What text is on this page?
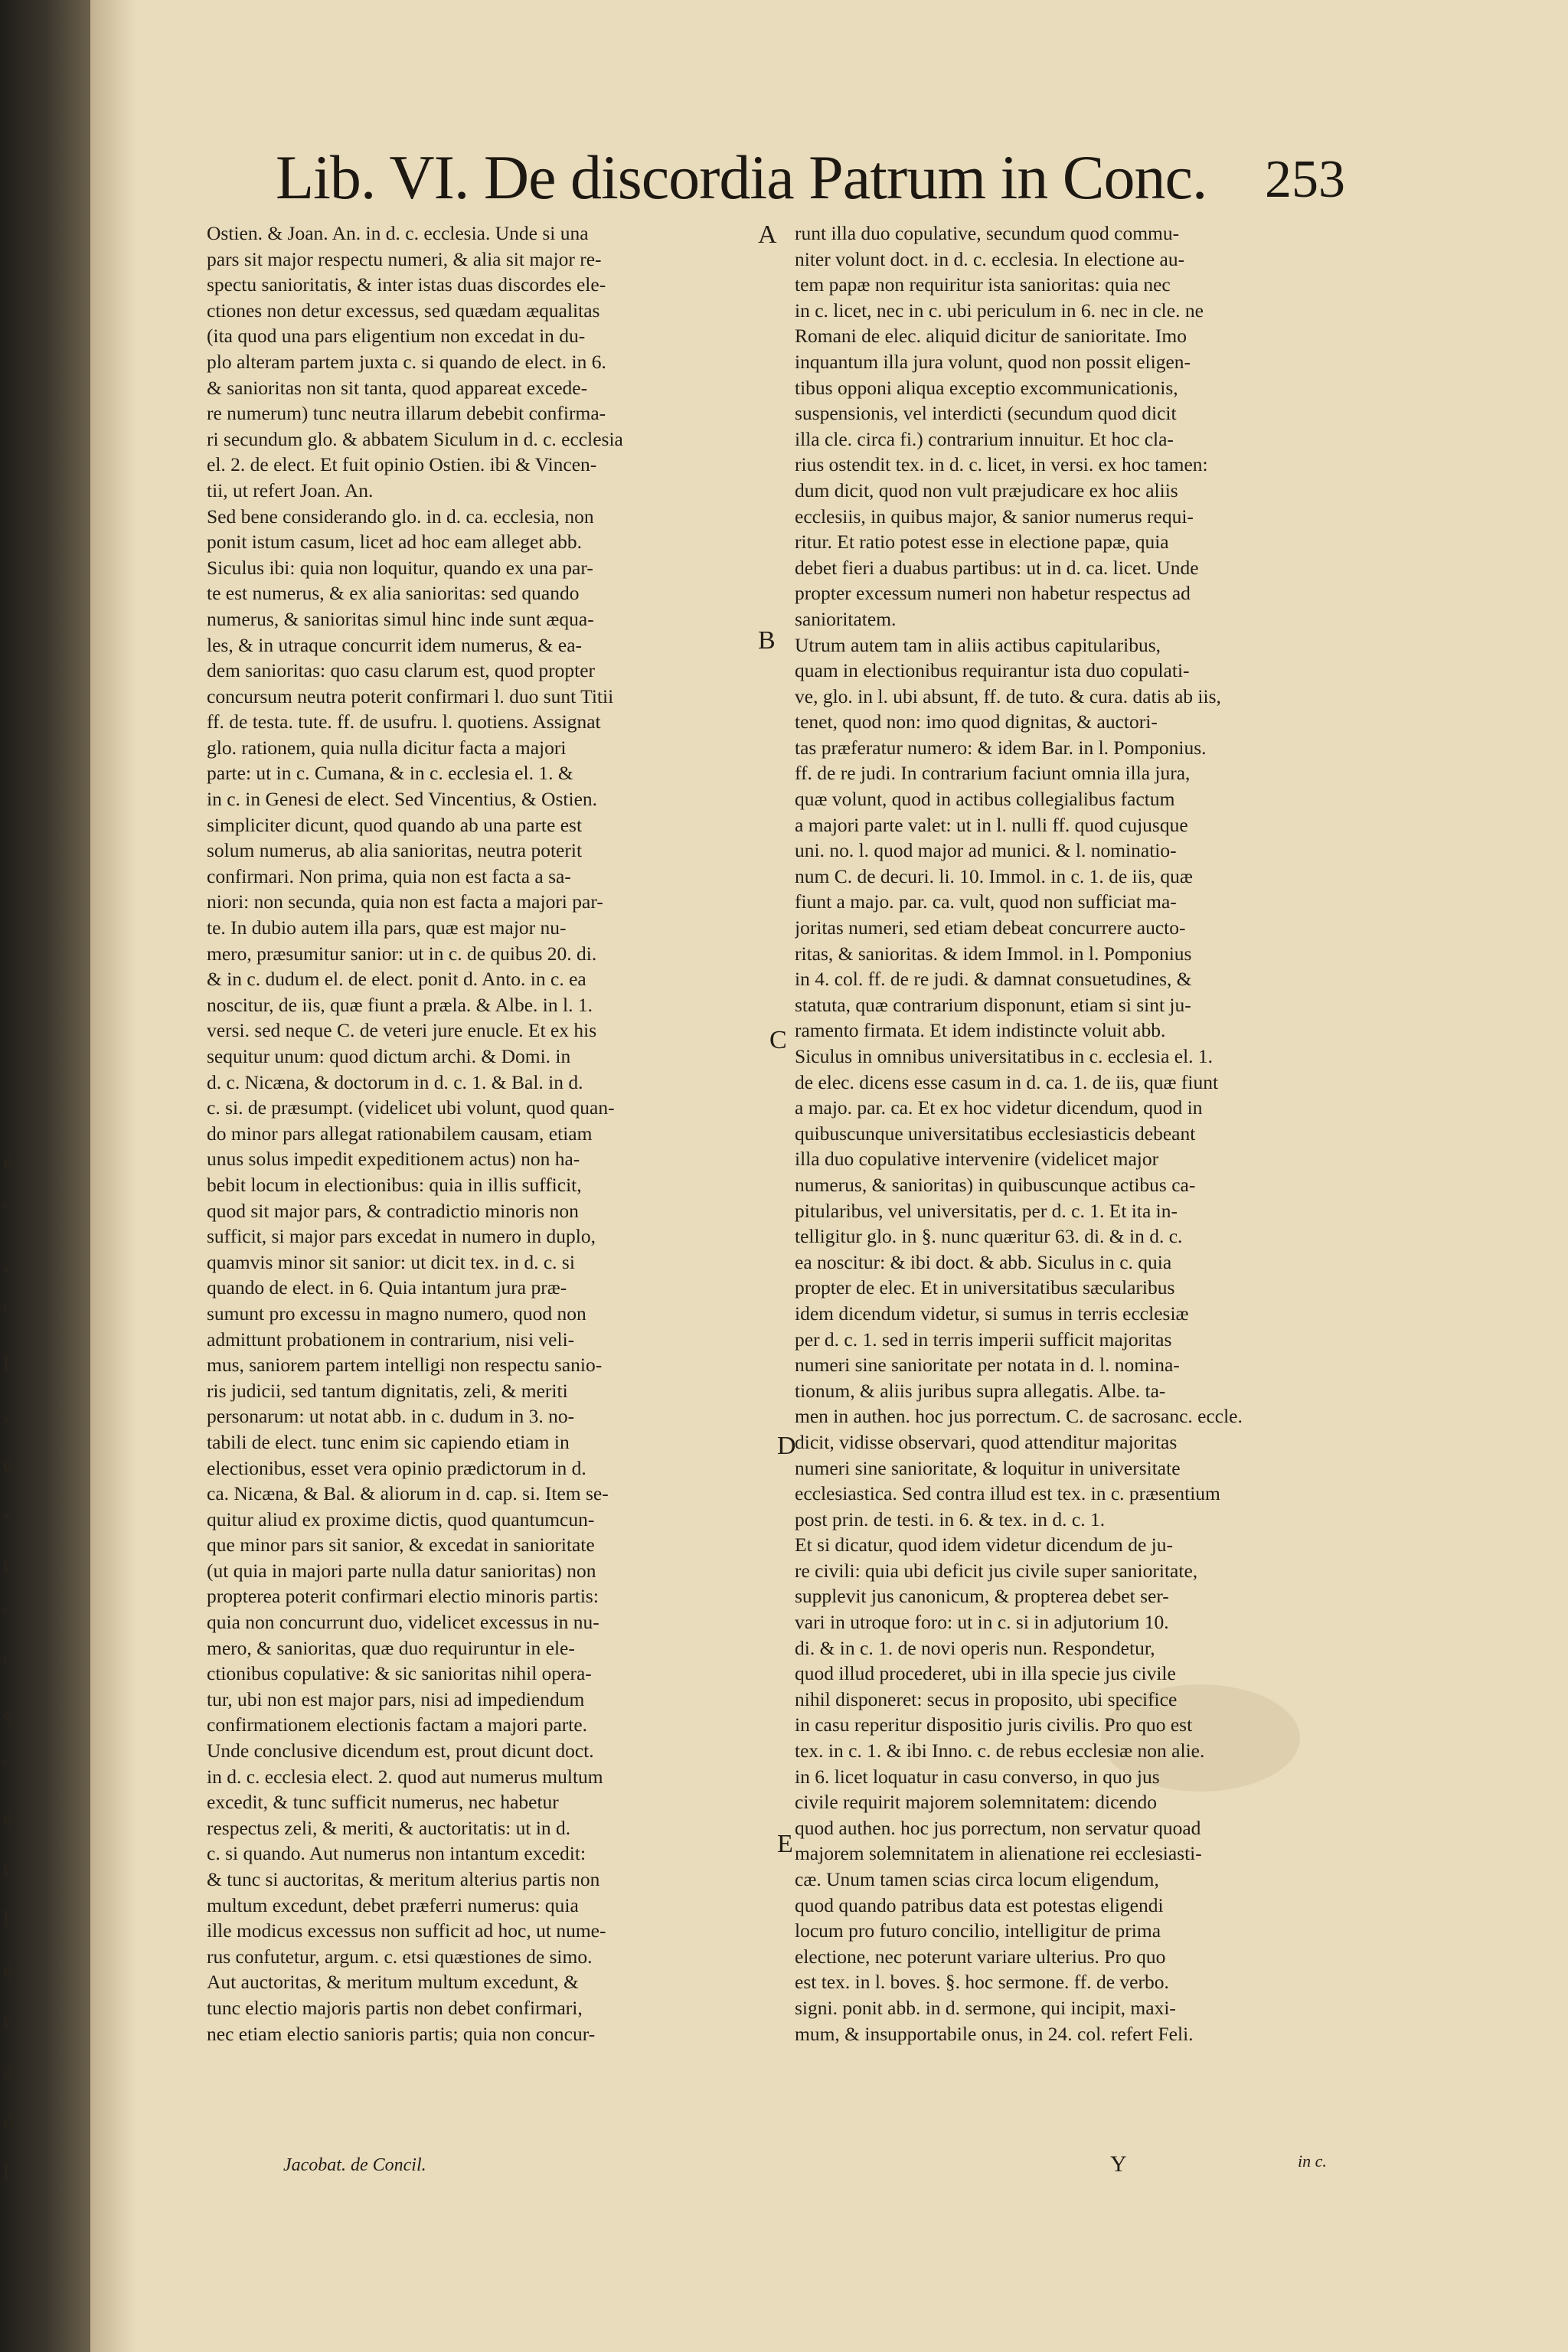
e
'
,
'
l
,
e
-
t
'
'
s
'
e
t
l
e
r
a
d
l.
Lib. VI. De discordia Patrum in Conc. 253
Ostien. & Joan. An. in d. c. ecclesia. Unde si una
pars sit major respectu numeri, & alia sit major re-
spectu sanioritatis, & inter istas duas discordes ele-
ctiones non detur excessus, sed quædam æqualitas
(ita quod una pars eligentium non excedat in du-
plo alteram partem juxta c. si quando de elect. in 6.
& sanioritas non sit tanta, quod appareat excede-
re numerum) tunc neutra illarum debebit confirma-
ri secundum glo. & abbatem Siculum in d. c. ecclesia
el. 2. de elect. Et fuit opinio Ostien. ibi & Vincen-
tii, ut refert Joan. An.
Sed bene considerando glo. in d. ca. ecclesia, non
ponit istum casum, licet ad hoc eam alleget abb.
Siculus ibi: quia non loquitur, quando ex una par-
te est numerus, & ex alia sanioritas: sed quando
numerus, & sanioritas simul hinc inde sunt æqua-
les, & in utraque concurrit idem numerus, & ea-
dem sanioritas: quo casu clarum est, quod propter
concursum neutra poterit confirmari l. duo sunt Titii
ff. de testa. tute. ff. de usufru. l. quotiens. Assignat
glo. rationem, quia nulla dicitur facta a majori
parte: ut in c. Cumana, & in c. ecclesia el. 1. &
in c. in Genesi de elect. Sed Vincentius, & Ostien.
simpliciter dicunt, quod quando ab una parte est
solum numerus, ab alia sanioritas, neutra poterit
confirmari. Non prima, quia non est facta a sa-
niori: non secunda, quia non est facta a majori par-
te. In dubio autem illa pars, quæ est major nu-
mero, præsumitur sanior: ut in c. de quibus 20. di.
& in c. dudum el. de elect. ponit d. Anto. in c. ea
noscitur, de iis, quæ fiunt a præla. & Albe. in l. 1.
versi. sed neque C. de veteri jure enucle. Et ex his
sequitur unum: quod dictum archi. & Domi. in
d. c. Nicæna, & doctorum in d. c. 1. & Bal. in d.
c. si. de præsumpt. (videlicet ubi volunt, quod quan-
do minor pars allegat rationabilem causam, etiam
unus solus impedit expeditionem actus) non ha-
bebit locum in electionibus: quia in illis sufficit,
quod sit major pars, & contradictio minoris non
sufficit, si major pars excedat in numero in duplo,
quamvis minor sit sanior: ut dicit tex. in d. c. si
quando de elect. in 6. Quia intantum jura præ-
sumunt pro excessu in magno numero, quod non
admittunt probationem in contrarium, nisi veli-
mus, saniorem partem intelligi non respectu sanio-
ris judicii, sed tantum dignitatis, zeli, & meriti
personarum: ut notat abb. in c. dudum in 3. no-
tabili de elect. tunc enim sic capiendo etiam in
electionibus, esset vera opinio prædictorum in d.
ca. Nicæna, & Bal. & aliorum in d. cap. si. Item se-
quitur aliud ex proxime dictis, quod quantumcun-
que minor pars sit sanior, & excedat in sanioritate
(ut quia in majori parte nulla datur sanioritas) non
propterea poterit confirmari electio minoris partis:
quia non concurrunt duo, videlicet excessus in nu-
mero, & sanioritas, quæ duo requiruntur in ele-
ctionibus copulative: & sic sanioritas nihil opera-
tur, ubi non est major pars, nisi ad impediendum
confirmationem electionis factam a majori parte.
Unde conclusive dicendum est, prout dicunt doct.
in d. c. ecclesia elect. 2. quod aut numerus multum
excedit, & tunc sufficit numerus, nec habetur
respectus zeli, & meriti, & auctoritatis: ut in d.
c. si quando. Aut numerus non intantum excedit:
& tunc si auctoritas, & meritum alterius partis non
multum excedunt, debet præferri numerus: quia
ille modicus excessus non sufficit ad hoc, ut nume-
rus confutetur, argum. c. etsi quæstiones de simo.
Aut auctoritas, & meritum multum excedunt, &
tunc electio majoris partis non debet confirmari,
nec etiam electio sanioris partis; quia non concur-
runt illa duo copulative, secundum quod commu-
niter volunt doct. in d. c. ecclesia. In electione au-
tem papæ non requiritur ista sanioritas: quia nec
in c. licet, nec in c. ubi periculum in 6. nec in cle. ne
Romani de elec. aliquid dicitur de sanioritate. Imo
inquantum illa jura volunt, quod non possit eligen-
tibus opponi aliqua exceptio excommunicationis,
suspensionis, vel interdicti (secundum quod dicit
illa cle. circa fi.) contrarium innuitur. Et hoc cla-
rius ostendit tex. in d. c. licet, in versi. ex hoc tamen:
dum dicit, quod non vult præjudicare ex hoc aliis
ecclesiis, in quibus major, & sanior numerus requi-
ritur. Et ratio potest esse in electione papæ, quia
debet fieri a duabus partibus: ut in d. ca. licet. Unde
propter excessum numeri non habetur respectus ad
sanioritatem.
Utrum autem tam in aliis actibus capitularibus,
quam in electionibus requirantur ista duo copulati-
ve, glo. in l. ubi absunt, ff. de tuto. & cura. datis ab iis,
tenet, quod non: imo quod dignitas, & auctori-
tas præferatur numero: & idem Bar. in l. Pomponius.
ff. de re judi. In contrarium faciunt omnia illa jura,
quæ volunt, quod in actibus collegialibus factum
a majori parte valet: ut in l. nulli ff. quod cujusque
uni. no. l. quod major ad munici. & l. nominatio-
num C. de decuri. li. 10. Immol. in c. 1. de iis, quæ
fiunt a majo. par. ca. vult, quod non sufficiat ma-
joritas numeri, sed etiam debeat concurrere aucto-
ritas, & sanioritas. & idem Immol. in l. Pomponius
in 4. col. ff. de re judi. & damnat consuetudines, &
statuta, quæ contrarium disponunt, etiam si sint ju-
ramento firmata. Et idem indistincte voluit abb.
Siculus in omnibus universitatibus in c. ecclesia el. 1.
de elec. dicens esse casum in d. ca. 1. de iis, quæ fiunt
a majo. par. ca. Et ex hoc videtur dicendum, quod in
quibuscunque universitatibus ecclesiasticis debeant
illa duo copulative intervenire (videlicet major
numerus, & sanioritas) in quibuscunque actibus ca-
pitularibus, vel universitatis, per d. c. 1. Et ita in-
telligitur glo. in §. nunc quæritur 63. di. & in d. c.
ea noscitur: & ibi doct. & abb. Siculus in c. quia
propter de elec. Et in universitatibus sæcularibus
idem dicendum videtur, si sumus in terris ecclesiæ
per d. c. 1. sed in terris imperii sufficit majoritas
numeri sine sanioritate per notata in d. l. nomina-
tionum, & aliis juribus supra allegatis. Albe. ta-
men in authen. hoc jus porrectum. C. de sacrosanc. eccle.
dicit, vidisse observari, quod attenditur majoritas
numeri sine sanioritate, & loquitur in universitate
ecclesiastica. Sed contra illud est tex. in c. præsentium
post prin. de testi. in 6. & tex. in d. c. 1.
Et si dicatur, quod idem videtur dicendum de ju-
re civili: quia ubi deficit jus civile super sanioritate,
supplevit jus canonicum, & propterea debet ser-
vari in utroque foro: ut in c. si in adjutorium 10.
di. & in c. 1. de novi operis nun. Respondetur,
quod illud procederet, ubi in illa specie jus civile
nihil disponeret: secus in proposito, ubi specifice
in casu reperitur dispositio juris civilis. Pro quo est
tex. in c. 1. & ibi Inno. c. de rebus ecclesiæ non alie.
in 6. licet loquatur in casu converso, in quo jus
civile requirit majorem solemnitatem: dicendo
quod authen. hoc jus porrectum, non servatur quoad
majorem solemnitatem in alienatione rei ecclesiasti-
cæ. Unum tamen scias circa locum eligendum,
quod quando patribus data est potestas eligendi
locum pro futuro concilio, intelligitur de prima
electione, nec poterunt variare ulterius. Pro quo
est tex. in l. boves. §. hoc sermone. ff. de verbo.
signi. ponit abb. in d. sermone, qui incipit, maxi-
mum, & insupportabile onus, in 24. col. refert Feli.
A
B
C
D
E
Jacobat. de Concil.	Y	in c.
